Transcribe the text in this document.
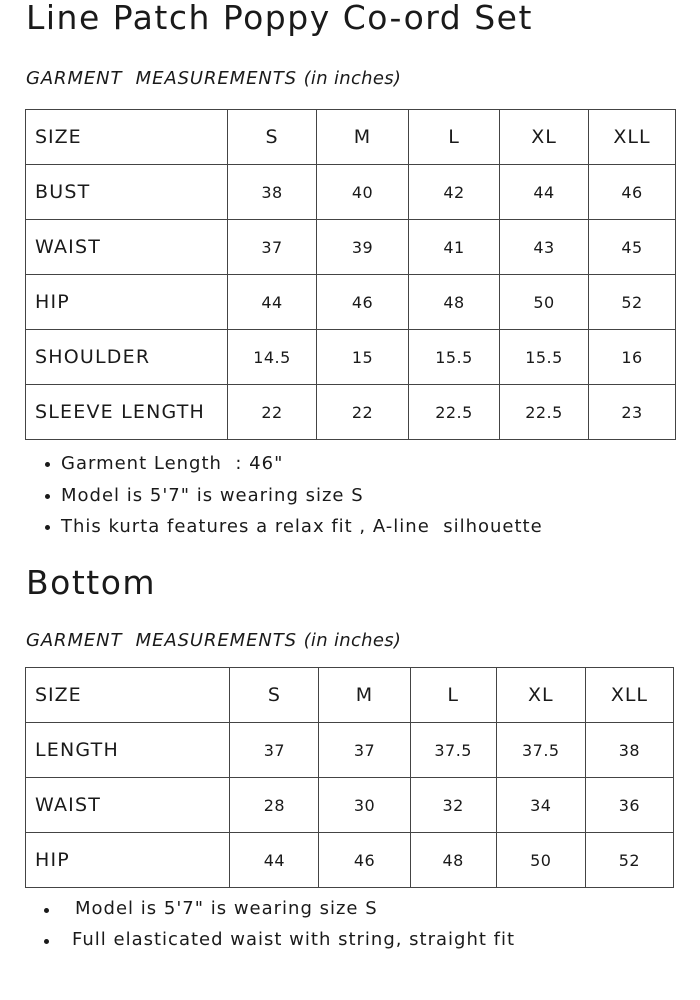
Line Patch Poppy Co-ord Set

GARMENT  MEASUREMENTS (in inches)

SIZE	S	M	L	XL	XLL
BUST	38	40	42	44	46
WAIST	37	39	41	43	45
HIP	44	46	48	50	52
SHOULDER	14.5	15	15.5	15.5	16
SLEEVE LENGTH	22	22	22.5	22.5	23
Garment Length  : 46"
Model is 5'7" is wearing size S
This kurta features a relax fit , A-line  silhouette
Bottom

GARMENT  MEASUREMENTS (in inches)

SIZE	S	M	L	XL	XLL
LENGTH	37	37	37.5	37.5	38
WAIST	28	30	32	34	36
HIP	44	46	48	50	52
Model is 5'7" is wearing size S
Full elasticated waist with string, straight fit
